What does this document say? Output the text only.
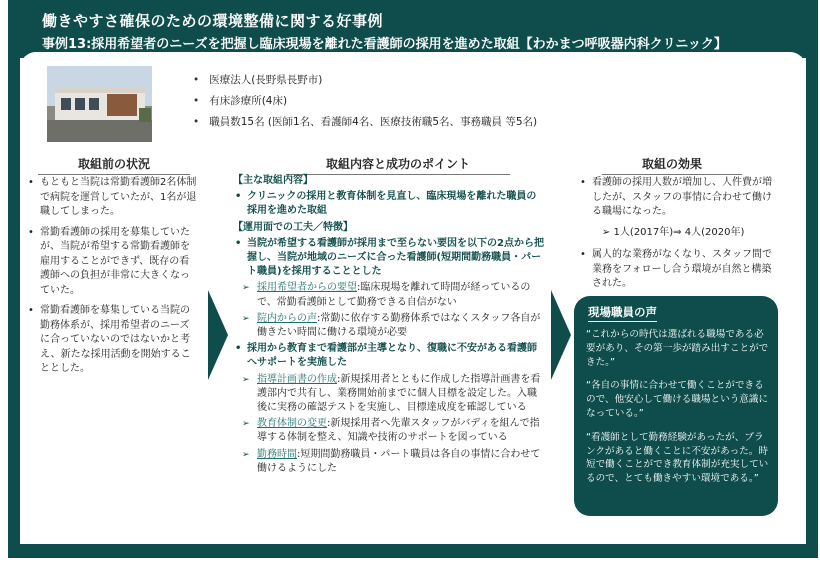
働きやすさ確保のための環境整備に関する好事例
事例13:採用希望者のニーズを把握し臨床現場を離れた看護師の採用を進めた取組【わかまつ呼吸器内科クリニック】
• 医療法人(長野県長野市)
• 有床診療所(4床)
• 職員数15名 (医師1名、看護師4名、医療技術職5名、事務職員 等5名)
取組前の状況	取組内容と成功のポイント	取組の効果
• もともと当院は常勤看護師2名体制で病院を運営していたが、1名が退職してしまった。
• 常勤看護師の採用を募集していたが、当院が希望する常勤看護師を雇用することができず、既存の看護師への負担が非常に大きくなっていた。
• 常勤看護師を募集している当院の勤務体系が、採用希望者のニーズに合っていないのではないかと考え、新たな採用活動を開始することとした。
【主な取組内容】
• クリニックの採用と教育体制を見直し、臨床現場を離れた職員の採用を進めた取組
【運用面での工夫／特徴】
• 当院が希望する看護師が採用まで至らない要因を以下の2点から把握し、当院が地域のニーズに合った看護師(短期間勤務職員・パート職員)を採用することとした
➢ 採用希望者からの要望:臨床現場を離れて時間が経っているので、常勤看護師として勤務できる自信がない
➢ 院内からの声:常勤に依存する勤務体系ではなくスタッフ各自が働きたい時間に働ける環境が必要
• 採用から教育まで看護部が主導となり、復職に不安がある看護師へサポートを実施した
➢ 指導計画書の作成:新規採用者とともに作成した指導計画書を看護部内で共有し、業務開始前までに個人目標を設定した。入職後に実務の確認テストを実施し、目標達成度を確認している
➢ 教育体制の変更:新規採用者へ先輩スタッフがバディを組んで指導する体制を整え、知識や技術のサポートを図っている
➢ 勤務時間:短期間勤務職員・パート職員は各自の事情に合わせて働けるようにした
• 看護師の採用人数が増加し、人件費が増したが、スタッフの事情に合わせて働ける職場になった。
➢ 1人(2017年)⇒ 4人(2020年)
• 属人的な業務がなくなり、スタッフ間で業務をフォローし合う環境が自然と構築された。
現場職員の声

“これからの時代は選ばれる職場である必要があり、その第一歩が踏み出すことができた。”

“各自の事情に合わせて働くことができるので、他安心して働ける職場という意識になっている。”

“看護師として勤務経験があったが、ブランクがあると働くことに不安があった。時短で働くことができ教育体制が充実しているので、とても働きやすい環境である。”
